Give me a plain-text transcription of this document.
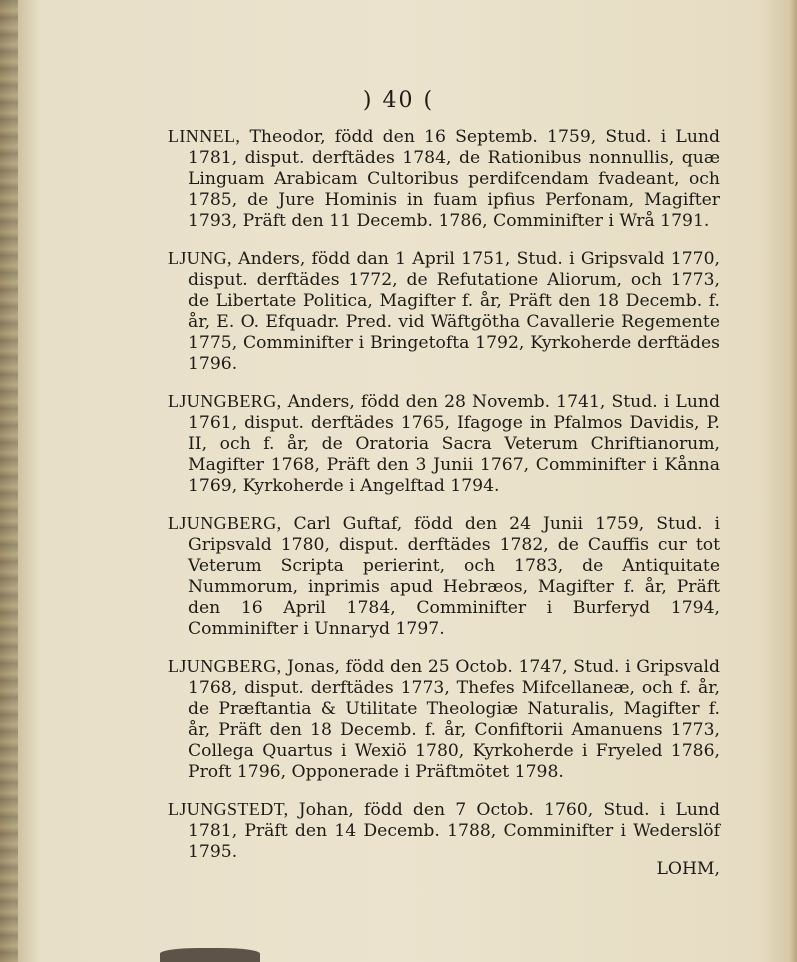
) 40 (

LINNEL, Theodor, född den 16 Septemb. 1759, Stud. i Lund 1781, disput. derftädes 1784, de Rationibus nonnullis, quæ Linguam Arabicam Cultoribus perdifcendam fvadeant, och 1785, de Jure Hominis in fuam ipfius Perfonam, Magifter 1793, Präft den 11 Decemb. 1786, Comminifter i Wrå 1791.

LJUNG, Anders, född dan 1 April 1751, Stud. i Gripsvald 1770, disput. derftädes 1772, de Refutatione Aliorum, och 1773, de Libertate Politica, Magifter f. år, Präft den 18 Decemb. f. år, E. O. Efquadr. Pred. vid Wäftgötha Cavallerie Regemente 1775, Comminifter i Bringetofta 1792, Kyrkoherde derftädes 1796.

LJUNGBERG, Anders, född den 28 Novemb. 1741, Stud. i Lund 1761, disput. derftädes 1765, Ifagoge in Pfalmos Davidis, P. II, och f. år, de Oratoria Sacra Veterum Chriftianorum, Magifter 1768, Präft den 3 Junii 1767, Comminifter i Kånna 1769, Kyrkoherde i Angelftad 1794.

LJUNGBERG, Carl Guftaf, född den 24 Junii 1759, Stud. i Gripsvald 1780, disput. derftädes 1782, de Cauffis cur tot Veterum Scripta perierint, och 1783, de Antiquitate Nummorum, inprimis apud Hebræos, Magifter f. år, Präft den 16 April 1784, Comminifter i Burferyd 1794, Comminifter i Unnaryd 1797.

LJUNGBERG, Jonas, född den 25 Octob. 1747, Stud. i Gripsvald 1768, disput. derftädes 1773, Thefes Mifcellaneæ, och f. år, de Præftantia & Utilitate Theologiæ Naturalis, Magifter f. år, Präft den 18 Decemb. f. år, Confiftorii Amanuens 1773, Collega Quartus i Wexiö 1780, Kyrkoherde i Fryeled 1786, Proft 1796, Opponerade i Präftmötet 1798.

LJUNGSTEDT, Johan, född den 7 Octob. 1760, Stud. i Lund 1781, Präft den 14 Decemb. 1788, Comminifter i Wederslöf 1795.

LOHM,
